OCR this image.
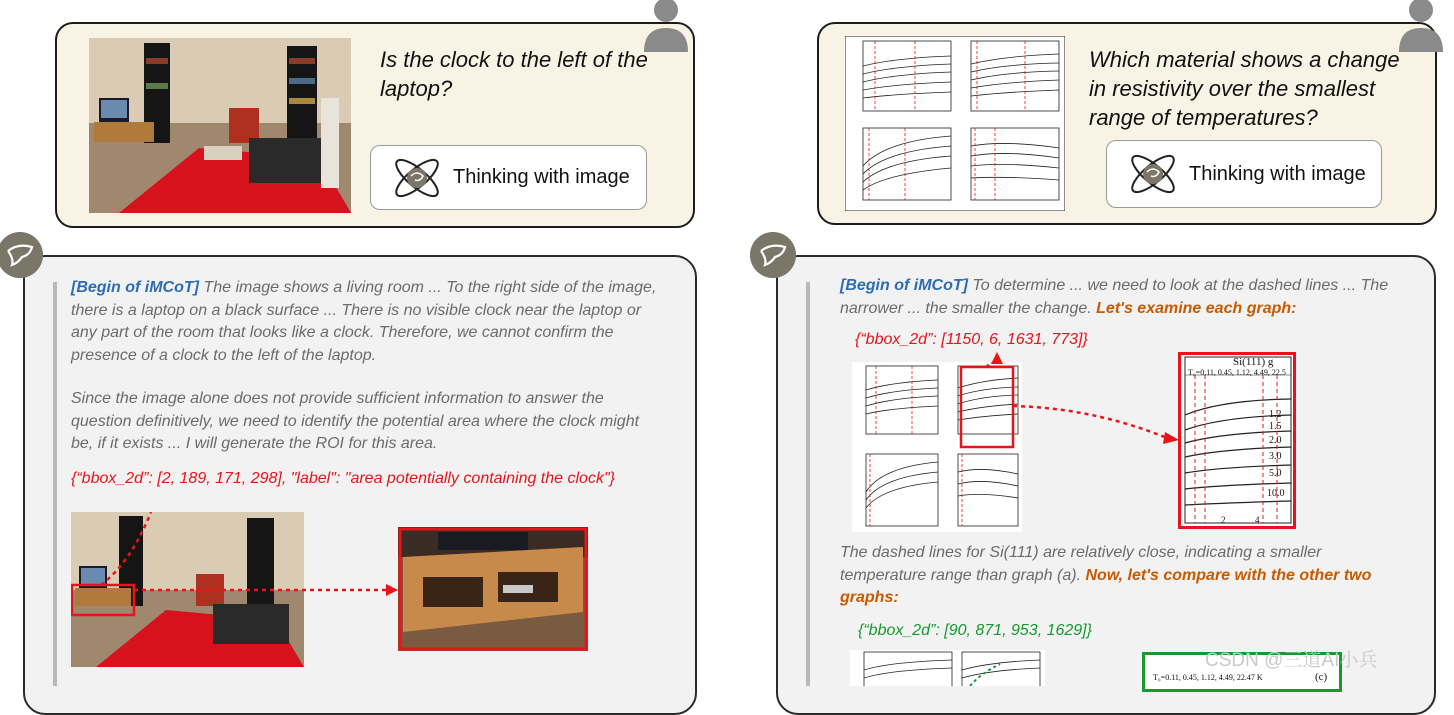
Is the clock to the left of the laptop?
Thinking with image
[Begin of iMCoT] The image shows a living room ... To the right side of the image, there is a laptop on a black surface ... There is no visible clock near the laptop or any part of the room that looks like a clock. Therefore, we cannot confirm the presence of a clock to the left of the laptop.
Since the image alone does not provide sufficient information to answer the question definitively, we need to identify the potential area where the clock might be, if it exists ... I will generate the ROI for this area.
{“bbox_2d”: [2, 189, 171, 298], "label": "area potentially containing the clock"}
Which material shows a change in resistivity over the smallest range of temperatures?
Thinking with image
[Begin of iMCoT] To determine ... we need to look at the dashed lines ... The narrower ... the smaller the change. Let's examine each graph:
{“bbox_2d”: [1150, 6, 1631, 773]}
Si(111) g
T₀=0.11, 0.45, 1.12, 4.49, 22.5
1.2
1.5
2.0
3.0
5.0
10.0
2	4
The dashed lines for Si(111) are relatively close, indicating a smaller temperature range than graph (a). Now, let's compare with the other two graphs:
{“bbox_2d”: [90, 871, 953, 1629]}
T₀=0.11, 0.45, 1.12, 4.49, 22.47 K	(c)
CSDN @三道AI小兵
